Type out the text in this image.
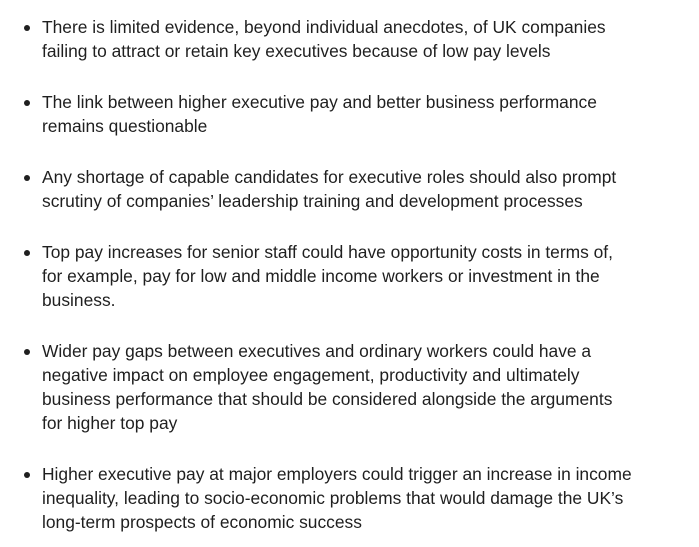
There is limited evidence, beyond individual anecdotes, of UK companies
failing to attract or retain key executives because of low pay levels
The link between higher executive pay and better business performance
remains questionable
Any shortage of capable candidates for executive roles should also prompt
scrutiny of companies’ leadership training and development processes
Top pay increases for senior staff could have opportunity costs in terms of,
for example, pay for low and middle income workers or investment in the
business.
Wider pay gaps between executives and ordinary workers could have a
negative impact on employee engagement, productivity and ultimately
business performance that should be considered alongside the arguments
for higher top pay
Higher executive pay at major employers could trigger an increase in income
inequality, leading to socio-economic problems that would damage the UK’s
long-term prospects of economic success
